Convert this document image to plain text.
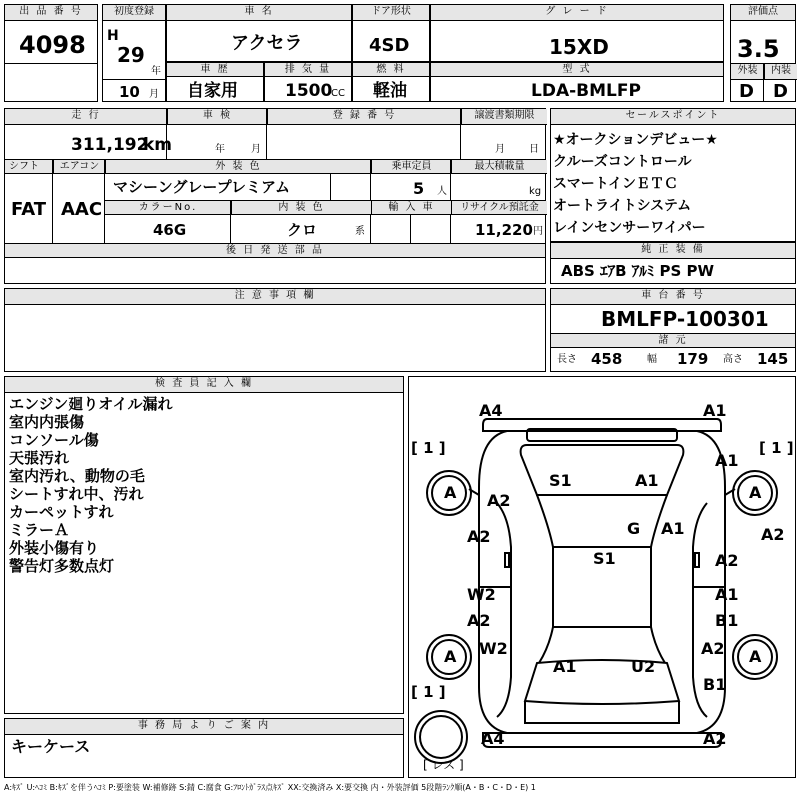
出 品 番 号
4098
初度登録
H
29
年
10 月
車 名
アクセラ
ドア形状
4SD
グ レ ー ド
15XD
評価点
3.5
外装	内装
D D
車 歴
自家用
排 気 量
1500
CC
燃 料
軽油
型 式
LDA-BMLFP
走 行	車 検	登 録 番 号	譲渡書類期限
311,192
km	年	月	月 日
シフト	エアコン	外 装 色	乗車定員	最大積載量
FAT AAC
マシーングレープレミアム	5 人	kg
カラーNo.	内 装 色	輸 入 車	リサイクル預託金
46G	クロ	系	11,220 円
後 日 発 送 部 品
セールスポイント
★オークションデビュー★
クルーズコントロール
スマートインＥＴＣ
オートライトシステム
レインセンサーワイパー
純 正 装 備
ABS ｴｱB ｱﾙﾐ PS PW
注 意 事 項 欄	車 台 番 号
BMLFP-100301
諸 元
長さ 458 幅 179 高さ 145
検 査 員 記 入 欄
エンジン廻りオイル漏れ
室内内張傷
コンソール傷
天張汚れ
室内汚れ、動物の毛
シートすれ中、汚れ
カーペットすれ
ミラーＡ
外装小傷有り
警告灯多数点灯
事 務 局 よ り ご 案 内
キーケース
A4	A1
[ 1 ]	[ 1 ]
A1
A	A
S1	A1
A2
G A1	A2
A2
S1	A2
W2	A1
A2	B1
W2	A2
A	A
A1	U2
[ 1 ]	B1
A4	A2
[ レス ]
A:ｷｽﾞ U:ﾍｺﾐ B:ｷｽﾞを伴うﾍｺﾐ P:要塗装 W:補修跡 S:錆 C:腐食 G:ﾌﾛﾝﾄｶﾞﾗｽ点ｷｽﾞ XX:交換済み X:要交換 内・外装評価 5段階ﾗﾝｸ順(A・B・C・D・E) 1
